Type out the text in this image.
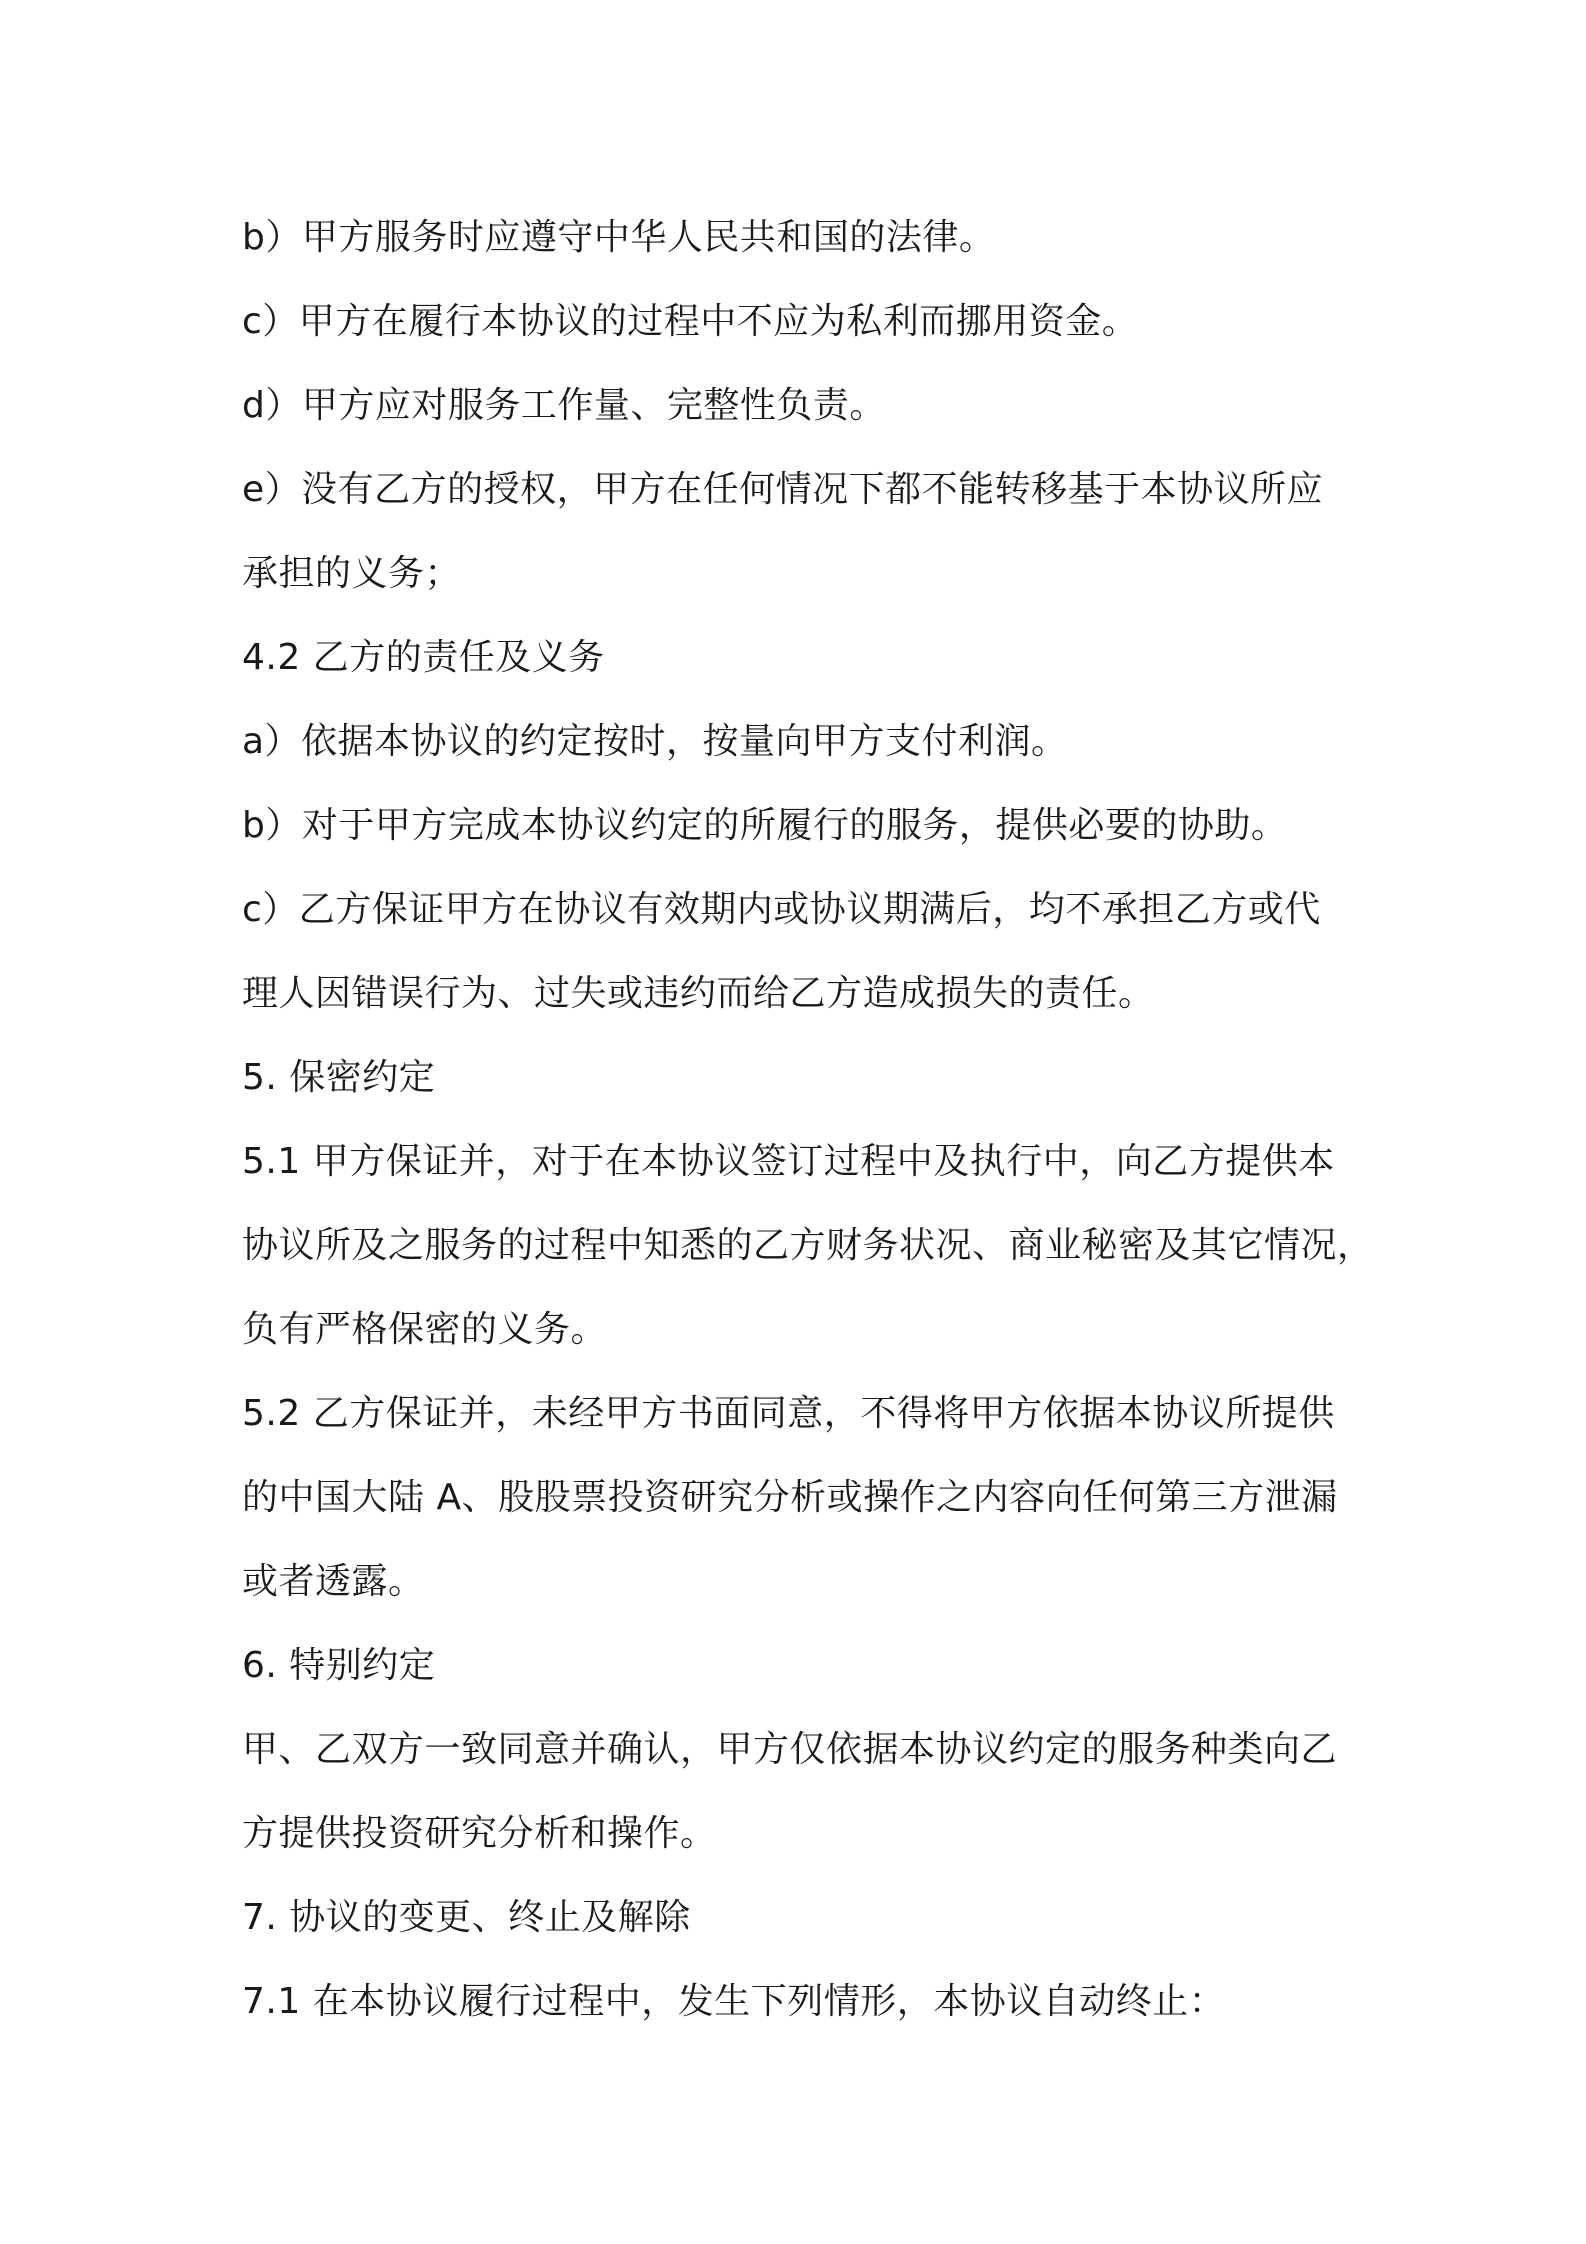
b）甲方服务时应遵守中华人民共和国的法律。
c）甲方在履行本协议的过程中不应为私利而挪用资金。
d）甲方应对服务工作量、完整性负责。
e）没有乙方的授权，甲方在任何情况下都不能转移基于本协议所应
承担的义务；
4.2 乙方的责任及义务
a）依据本协议的约定按时，按量向甲方支付利润。
b）对于甲方完成本协议约定的所履行的服务，提供必要的协助。
c）乙方保证甲方在协议有效期内或协议期满后，均不承担乙方或代
理人因错误行为、过失或违约而给乙方造成损失的责任。
5. 保密约定
5.1 甲方保证并，对于在本协议签订过程中及执行中，向乙方提供本
协议所及之服务的过程中知悉的乙方财务状况、商业秘密及其它情况，
负有严格保密的义务。
5.2 乙方保证并，未经甲方书面同意，不得将甲方依据本协议所提供
的中国大陆 A、股股票投资研究分析或操作之内容向任何第三方泄漏
或者透露。
6. 特别约定
甲、乙双方一致同意并确认，甲方仅依据本协议约定的服务种类向乙
方提供投资研究分析和操作。
7. 协议的变更、终止及解除
7.1 在本协议履行过程中，发生下列情形，本协议自动终止：
